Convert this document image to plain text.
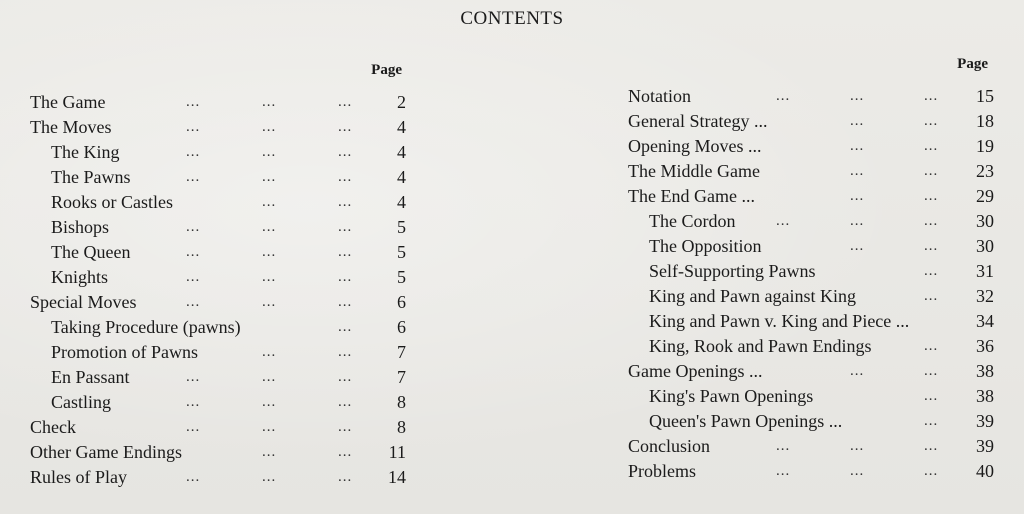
CONTENTS
Page
The Game	...	...	... 2
The Moves	...	...	... 4
The King	...	...	... 4
The Pawns	...	...	... 4
Rooks or Castles	...	... 4
Bishops	...	...	... 5
The Queen	...	...	... 5
Knights	...	...	... 5
Special Moves	...	...	... 6
Taking Procedure (pawns)	... 6
Promotion of Pawns	...	... 7
En Passant	...	...	... 7
Castling	...	...	... 8
Check	...	...	... 8
Other Game Endings	...	... 11
Rules of Play	...	...	... 14
Page
Notation	...	...	... 15
General Strategy ...	...	... 18
Opening Moves ...	...	... 19
The Middle Game	...	... 23
The End Game ...	...	... 29
The Cordon	...	...	... 30
The Opposition	...	... 30
Self-Supporting Pawns	... 31
King and Pawn against King	... 32
King and Pawn v. King and Piece ...	34
King, Rook and Pawn Endings	... 36
Game Openings ...	...	... 38
King's Pawn Openings	... 38
Queen's Pawn Openings ...	... 39
Conclusion	...	...	... 39
Problems	...	...	... 40
